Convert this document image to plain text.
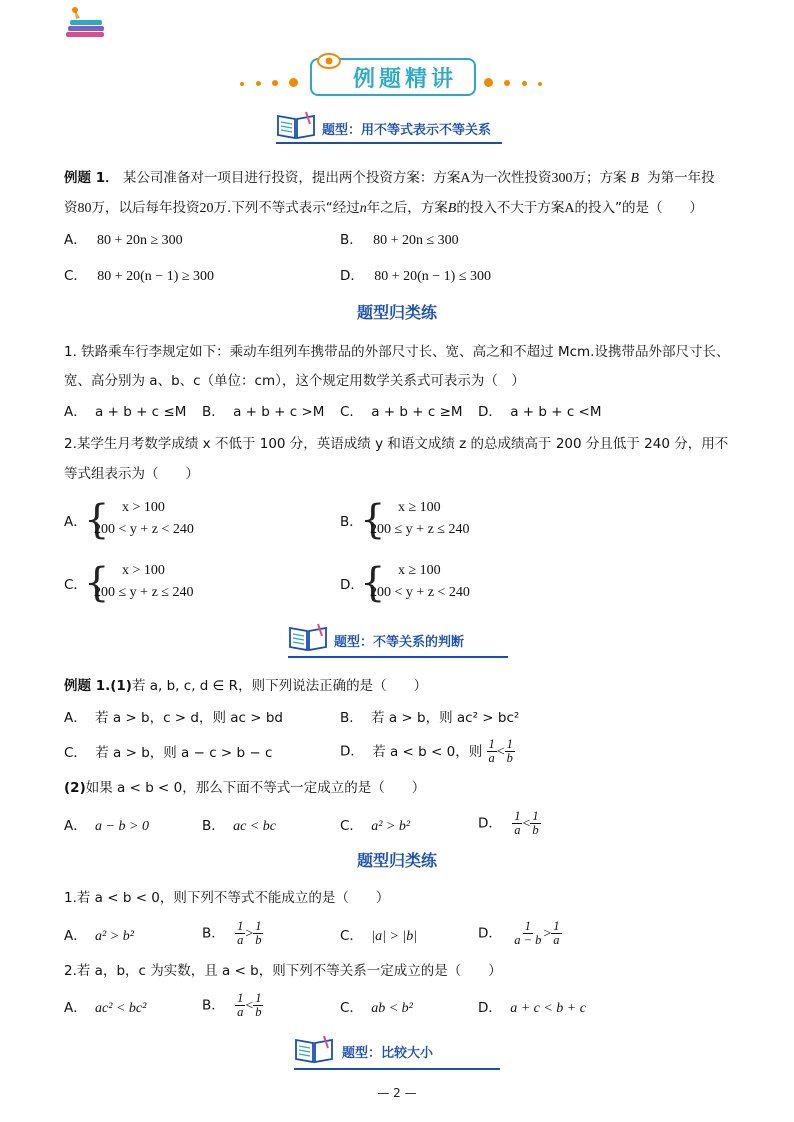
例题精讲
题型：用不等式表示不等关系
例题 1． 某公司准备对一项目进行投资，提出两个投资方案：方案A为一次性投资300万；方案 B 为第一年投
资80万，以后每年投资20万.下列不等式表示“经过n年之后，方案B的投入不大于方案A的投入”的是（　　）
A． 80 + 20n ≥ 300	B． 80 + 20n ≤ 300
C． 80 + 20(n − 1) ≥ 300	D． 80 + 20(n − 1) ≤ 300
题型归类练
1. 铁路乘车行李规定如下：乘动车组列车携带品的外部尺寸长、宽、高之和不超过 Mcm.设携带品外部尺寸长、
宽、高分别为 a、b、c（单位：cm），这个规定用数学关系式可表示为（　）
A． a + b + c ≤M B． a + b + c >M C． a + b + c ≥M D． a + b + c <M
2.某学生月考数学成绩 x 不低于 100 分，英语成绩 y 和语文成绩 z 的总成绩高于 200 分且低于 240 分，用不
等式组表示为（　　）
A．
{ x > 100
200 < y + z < 240	B．
{ x ≥ 100
200 ≤ y + z ≤ 240
C．
{ x > 100
200 ≤ y + z ≤ 240	D．
{ x ≥ 100
200 < y + z < 240
题型：不等关系的判断
例题 1.(1)若 a, b, c, d ∈ R，则下列说法正确的是（　　）
A． 若 a > b，c > d，则 ac > bd	B． 若 a > b，则 ac² > bc²
C． 若 a > b，则 a − c > b − c	D． 若 a < b < 0，则 $\frac{1}{a} < \frac{1}{b}$
(2)如果 a < b < 0，那么下面不等式一定成立的是（　　）
A． a − b > 0	B． ac < bc	C． a² > b²	D． $\frac{1}{a} < \frac{1}{b}$
题型归类练
1.若 a < b < 0，则下列不等式不能成立的是（　　）
A． a² > b²	B． $\frac{1}{a} > \frac{1}{b}$	C． |a| > |b|	D． $\frac{1}{a - b} > \frac{1}{a}$
2.若 a，b，c 为实数，且 a < b，则下列不等关系一定成立的是（　　）
A． ac² < bc²	B． $\frac{1}{a} < \frac{1}{b}$	C． ab < b²	D． a + c < b + c
题型：比较大小
— 2 —
